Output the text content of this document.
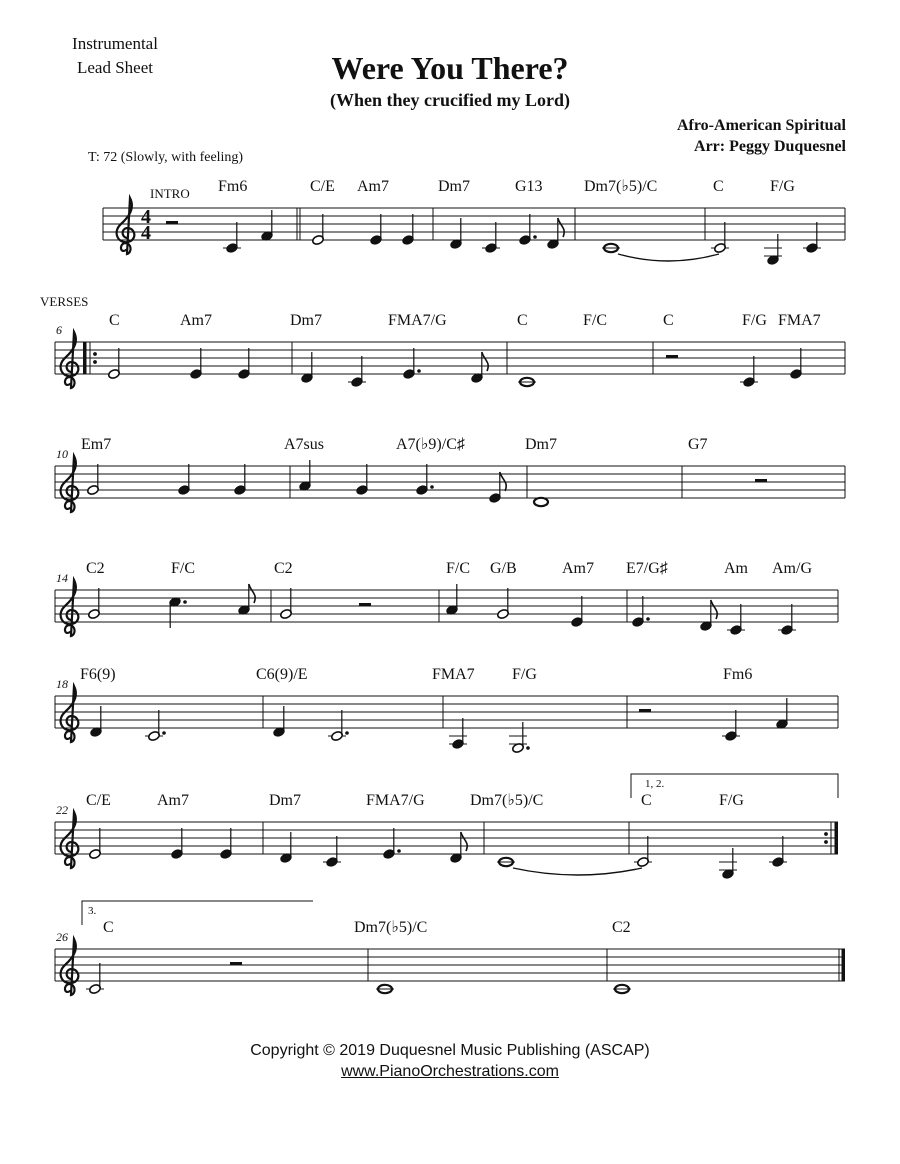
Instrumental
Lead Sheet	Were You There?
(When they crucified my Lord)
Afro-American Spiritual
Arr: Peggy Duquesnel
T: 72 (Slowly, with feeling)
4
4
INTRO Fm6	C/E Am7	Dm7	G13	Dm7(♭5)/C	C	F/G
VERSES
6
C	Am7	Dm7	FMA7/G	C	F/C	C	F/G FMA7
10
Em7	A7sus	A7(♭9)/C♯	Dm7	G7
14
C2	F/C	C2	F/C G/B	Am7 E7/G♯	Am Am/G
18
F6(9)	C6(9)/E	FMA7 F/G	Fm6
22
1, 2.
C/E	Am7	Dm7	FMA7/G	Dm7(♭5)/C	C	F/G
26
3.
C	Dm7(♭5)/C	C2
Copyright © 2019 Duquesnel Music Publishing (ASCAP)
www.PianoOrchestrations.com
